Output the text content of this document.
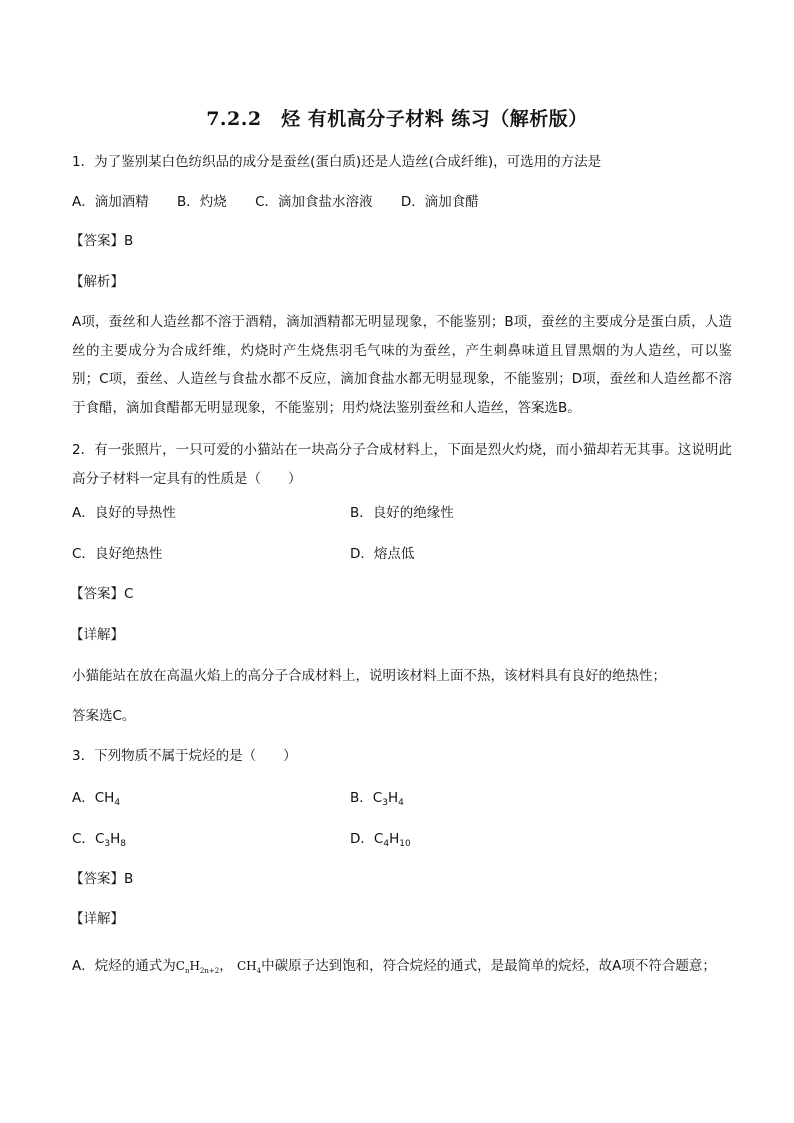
7.2.2　烃 有机高分子材料 练习（解析版）
1．为了鉴别某白色纺织品的成分是蚕丝(蛋白质)还是人造丝(合成纤维)，可选用的方法是
A．滴加酒精 B．灼烧 C．滴加食盐水溶液 D．滴加食醋
【答案】B
【解析】
A项，蚕丝和人造丝都不溶于酒精，滴加酒精都无明显现象，不能鉴别；B项，蚕丝的主要成分是蛋白质，人造丝的主要成分为合成纤维，灼烧时产生烧焦羽毛气味的为蚕丝，产生刺鼻味道且冒黑烟的为人造丝，可以鉴别；C项，蚕丝、人造丝与食盐水都不反应，滴加食盐水都无明显现象，不能鉴别；D项，蚕丝和人造丝都不溶于食醋，滴加食醋都无明显现象，不能鉴别；用灼烧法鉴别蚕丝和人造丝，答案选B。
2．有一张照片，一只可爱的小猫站在一块高分子合成材料上，下面是烈火灼烧，而小猫却若无其事。这说明此高分子材料一定具有的性质是（　　）
A．良好的导热性	B．良好的绝缘性
C．良好绝热性	D．熔点低
【答案】C
【详解】
小猫能站在放在高温火焰上的高分子合成材料上，说明该材料上面不热，该材料具有良好的绝热性；
答案选C。
3．下列物质不属于烷烃的是（　　）
A．$CH_4$	B．$C_3H_4$
C．$C_3H_8$	D．$C_4H_{10}$
【答案】B
【详解】
A．烷烃的通式为$C_nH_{2n+2}$， $CH_4$中碳原子达到饱和，符合烷烃的通式，是最简单的烷烃，故A项不符合题意；
